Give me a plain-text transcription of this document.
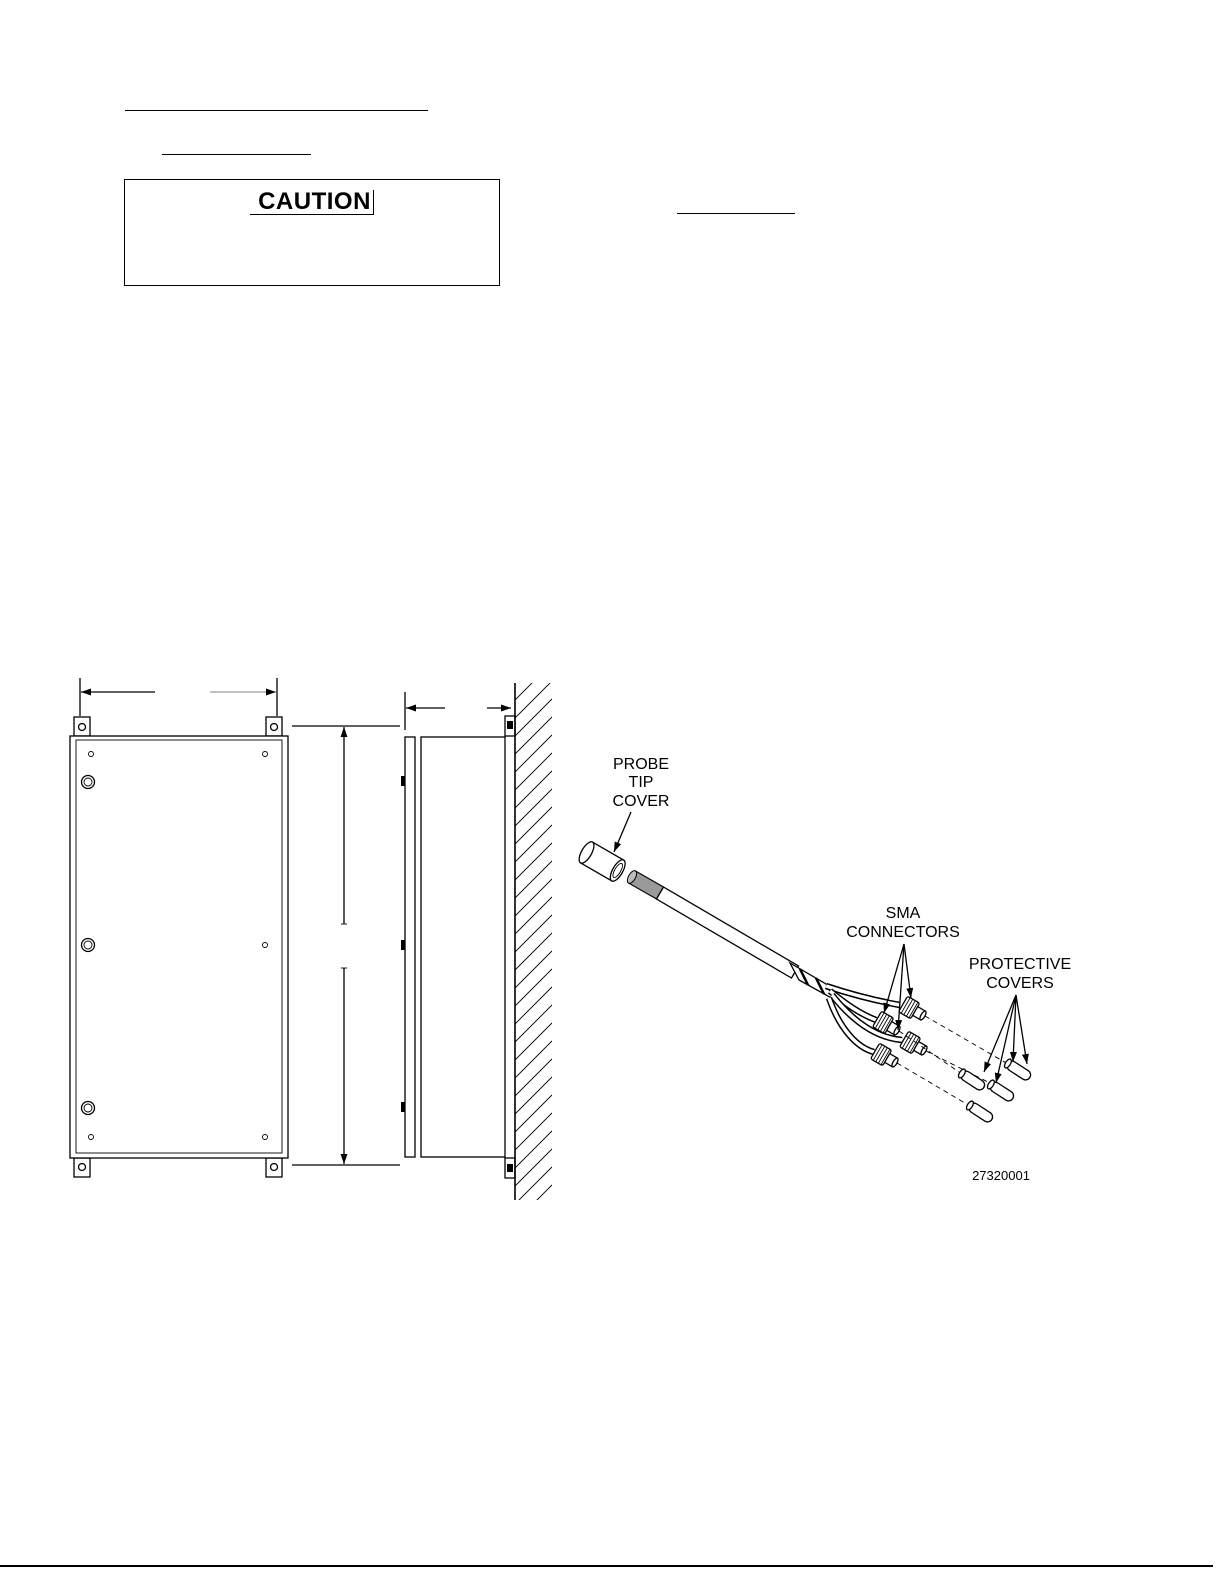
CAUTION
PROBE
TIP
COVER
SMA
CONNECTORS
PROTECTIVE
COVERS
27320001
